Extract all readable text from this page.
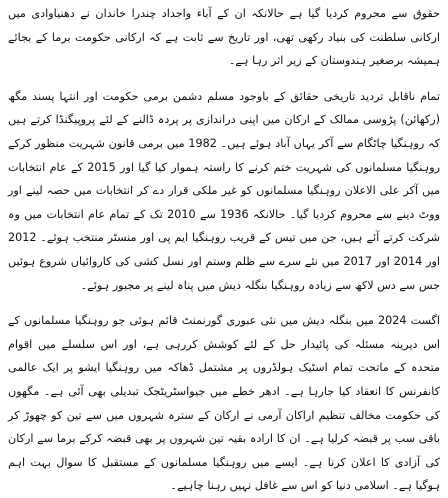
حقوق سے محروم کردیا گیا ہے حالانکہ ان کے آباء واجداد چندرا خاندان نے دھنیاوادی میں ارکانی سلطنت کی بنیاد رکھی تھی، اور تاریخ سے ثابت ہے کہ ارکانی حکومت برما کے بجائے ہمیشہ برصغیر ہندوستان کے زیر اثر رہا ہے۔

تمام ناقابل تردید تاریخی حقائق کے باوجود مسلم دشمن برمی حکومت اور انتہا پسند مگھ (رکھائن) پڑوسی ممالک کے ارکان میں اپنی دراندازی پر پردہ ڈالنے کے لئے پروپیگنڈا کرتے ہیں کہ روہنگیا چاٹگام سے آکر یہاں آباد ہوئے ہیں۔ 1982 میں برمی قانون شہریت منظور کرکے روہنگیا مسلمانوں کی شہریت ختم کرنے کا راستہ ہموار کیا گیا اور 2015 کے عام انتخابات میں آکر علی الاعلان روہنگیا مسلمانوں کو غیر ملکی قرار دے کر انتخابات میں حصہ لینے اور ووٹ دینے سے محروم کردیا گیا۔ حالانکہ 1936 سے 2010 تک کے تمام عام انتخابات میں وہ شرکت کرتے آئے ہیں، جن میں تیس کے قریب روہنگیا ایم پی اور منسٹر منتخب ہوئے۔ 2012 اور 2014 اور 2017 میں نئے سرے سے ظلم وستم اور نسل کشی کی کاروائیاں شروع ہوئیں جس سے دس لاکھ سے زیادہ روہنگیا بنگلہ دیش میں پناہ لینے پر مجبور ہوئے۔

اگست 2024 میں بنگلہ دیش میں نئی عبوری گورنمنٹ قائم ہوئی جو روہنگیا مسلمانوں کے اس دیرینہ مسئلہ کی پائیدار حل کے لئے کوشش کررہی ہے، اور اس سلسلے میں اقوام متحدہ کے ماتحت تمام اسٹیک ہولڈروں پر مشتمل ڈھاکہ میں روہنگیا ایشو پر ایک عالمی کانفرنس کا انعقاد کیا جارہا ہے۔ ادھر خطے میں جیواسٹریٹجک تبدیلی بھی آئی ہے۔ مگھوں کی حکومت مخالف تنظیم اراکان آرمی نے ارکان کے سترہ شہروں میں سے تین کو چھوڑ کر باقی سب پر قبضہ کرلیا ہے۔ ان کا ارادہ بقیہ تین شہروں پر بھی قبضہ کرکے برما سے ارکان کی آزادی کا اعلان کرنا ہے۔ ایسے میں روہنگیا مسلمانوں کے مستقبل کا سوال بہت اہم ہوگیا ہے۔ اسلامی دنیا کو اس سے غافل نہیں رہنا چاہیے۔
